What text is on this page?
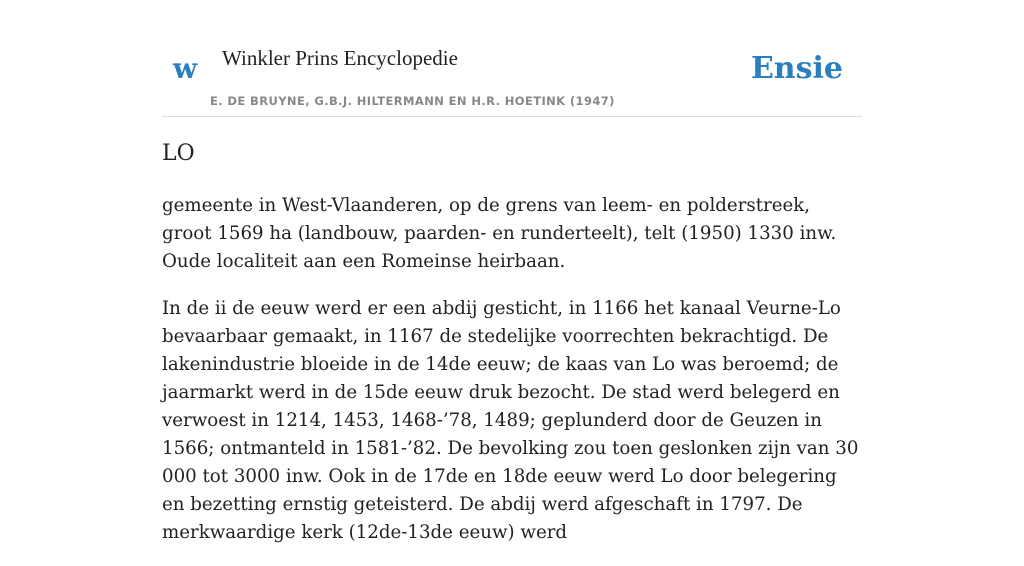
w Winkler Prins Encyclopedie
E. DE BRUYNE, G.B.J. HILTERMANN EN H.R. HOETINK (1947)
Ensie
LO

gemeente in West-Vlaanderen, op de grens van leem- en polderstreek, groot 1569 ha (landbouw, paarden- en runderteelt), telt (1950) 1330 inw. Oude localiteit aan een Romeinse heirbaan.

In de ii de eeuw werd er een abdij gesticht, in 1166 het kanaal Veurne-Lo bevaarbaar gemaakt, in 1167 de stedelijke voorrechten bekrachtigd. De lakenindustrie bloeide in de 14de eeuw; de kaas van Lo was beroemd; de jaarmarkt werd in de 15de eeuw druk bezocht. De stad werd belegerd en verwoest in 1214, 1453, 1468-’78, 1489; geplunderd door de Geuzen in 1566; ontmanteld in 1581-’82. De bevolking zou toen geslonken zijn van 30 000 tot 3000 inw. Ook in de 17de en 18de eeuw werd Lo door belegering en bezetting ernstig geteisterd. De abdij werd afgeschaft in 1797. De merkwaardige kerk (12de-13de eeuw) werd
